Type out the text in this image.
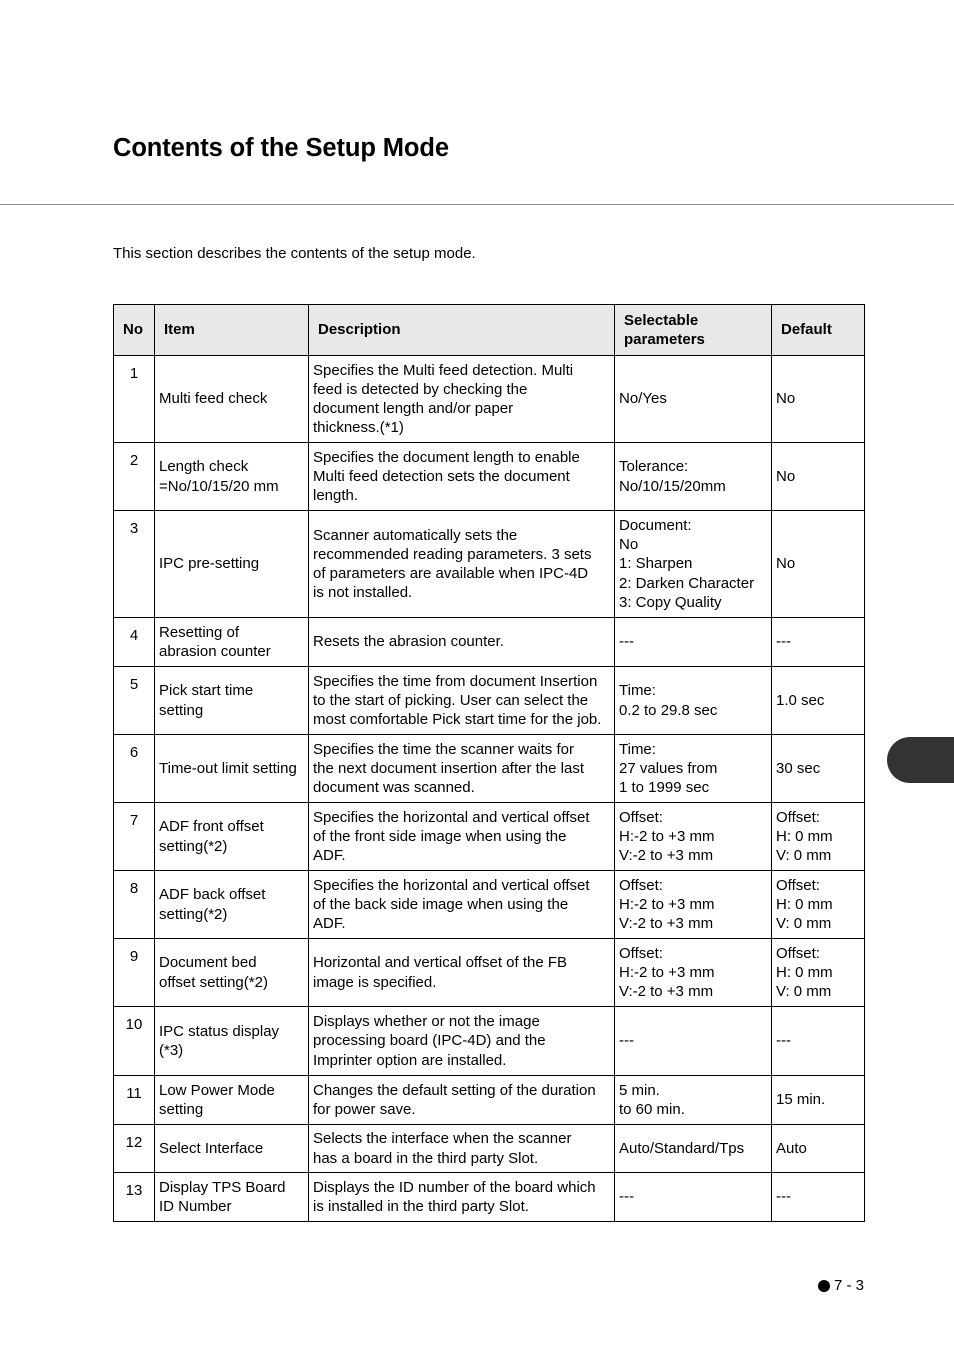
Contents of the Setup Mode

This section describes the contents of the setup mode.

No	Item	Description	Selectable
parameters	Default
1	Multi feed check	Specifies the Multi feed detection. Multi
feed is detected by checking the
document length and/or paper
thickness.(*1)	No/Yes	No
2	Length check
=No/10/15/20 mm	Specifies the document length to enable
Multi feed detection sets the document
length.	Tolerance:
No/10/15/20mm	No
3	IPC pre-setting	Scanner automatically sets the
recommended reading parameters. 3 sets
of parameters are available when IPC-4D
is not installed.	Document:
No
1: Sharpen
2: Darken Character
3: Copy Quality	No
4	Resetting of
abrasion counter	Resets the abrasion counter.	---	---
5	Pick start time
setting	Specifies the time from document Insertion
to the start of picking. User can select the
most comfortable Pick start time for the job.	Time:
0.2 to 29.8 sec	1.0 sec
6	Time-out limit setting	Specifies the time the scanner waits for
the next document insertion after the last
document was scanned.	Time:
27 values from
1 to 1999 sec	30 sec
7	ADF front offset
setting(*2)	Specifies the horizontal and vertical offset
of the front side image when using the
ADF.	Offset:
H:-2 to +3 mm
V:-2 to +3 mm	Offset:
H: 0 mm
V: 0 mm
8	ADF back offset
setting(*2)	Specifies the horizontal and vertical offset
of the back side image when using the
ADF.	Offset:
H:-2 to +3 mm
V:-2 to +3 mm	Offset:
H: 0 mm
V: 0 mm
9	Document bed
offset setting(*2)	Horizontal and vertical offset of the FB
image is specified.	Offset:
H:-2 to +3 mm
V:-2 to +3 mm	Offset:
H: 0 mm
V: 0 mm
10	IPC status display
(*3)	Displays whether or not the image
processing board (IPC-4D) and the
Imprinter option are installed.	---	---
11	Low Power Mode
setting	Changes the default setting of the duration
for power save.	5 min.
to 60 min.	15 min.
12	Select Interface	Selects the interface when the scanner
has a board in the third party Slot.	Auto/Standard/Tps	Auto
13	Display TPS Board
ID Number	Displays the ID number of the board which
is installed in the third party Slot.	---	---
7 - 3
